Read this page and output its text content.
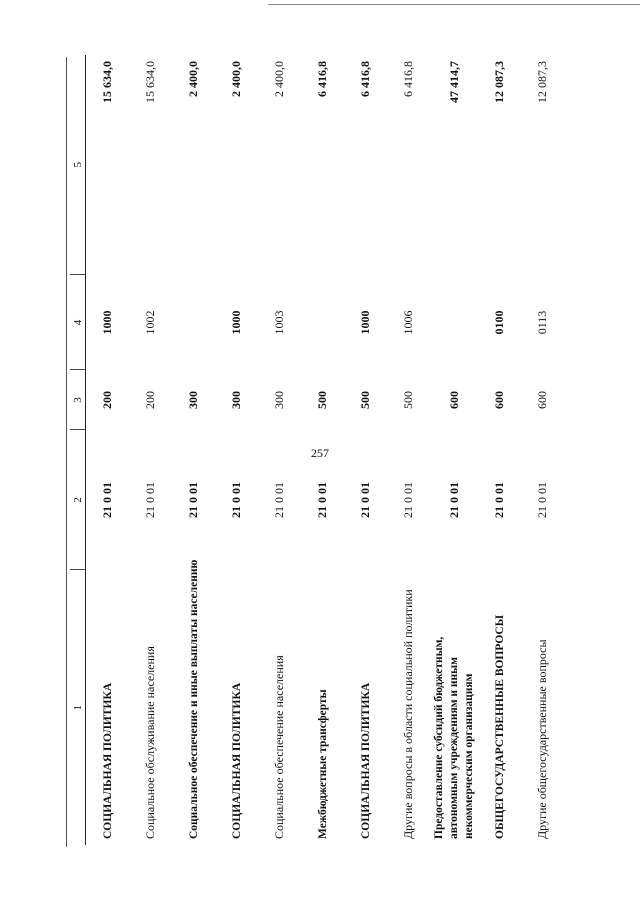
257
1	2	3	4	5
СОЦИАЛЬНАЯ ПОЛИТИКА	21 0 01	200	1000	15 634,0
Социальное обслуживание населения	21 0 01	200	1002	15 634,0
Социальное обеспечение и иные выплаты населению	21 0 01	300		2 400,0
СОЦИАЛЬНАЯ ПОЛИТИКА	21 0 01	300	1000	2 400,0
Социальное обеспечение населения	21 0 01	300	1003	2 400,0
Межбюджетные трансферты	21 0 01	500		6 416,8
СОЦИАЛЬНАЯ ПОЛИТИКА	21 0 01	500	1000	6 416,8
Другие вопросы в области социальной политики	21 0 01	500	1006	6 416,8
Предоставление субсидий бюджетным, автономным учреждениям и иным некоммерческим организациям	21 0 01	600		47 414,7
ОБЩЕГОСУДАРСТВЕННЫЕ ВОПРОСЫ	21 0 01	600	0100	12 087,3
Другие общегосударственные вопросы	21 0 01	600	0113	12 087,3
